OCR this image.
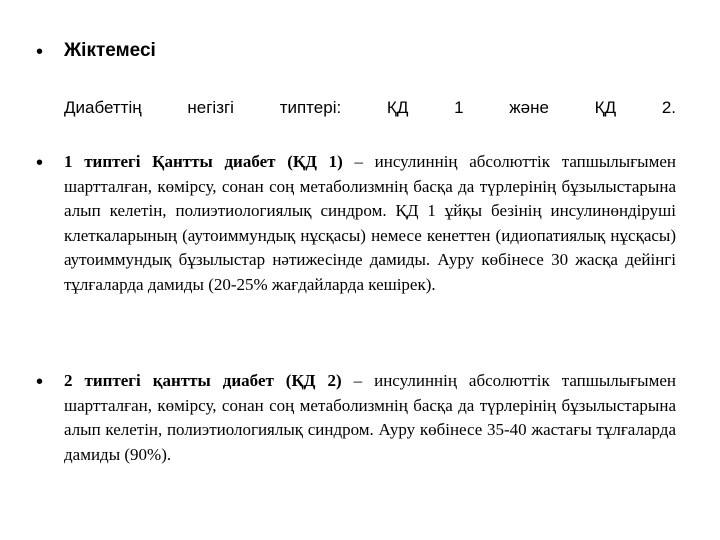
• Жіктемесі

Диабеттің негізгі типтері: ҚД 1 және ҚД 2.

• 1 типтегі Қантты диабет (ҚД 1) – инсулиннің абсолюттік тапшылығымен шартталған, көмірсу, сонан соң метаболизмнің басқа да түрлерінің бұзылыстарына алып келетін, полиэтиологиялық синдром. ҚД 1 ұйқы безінің инсулинөндіруші клеткаларының (аутоиммундық нұсқасы) немесе кенеттен (идиопатиялық нұсқасы) аутоиммундық бұзылыстар нәтижесінде дамиды. Ауру көбінесе 30 жасқа дейінгі тұлғаларда дамиды (20-25% жағдайларда кешірек).

• 2 типтегі қантты диабет (ҚД 2) – инсулиннің абсолюттік тапшылығымен шартталған, көмірсу, сонан соң метаболизмнің басқа да түрлерінің бұзылыстарына алып келетін, полиэтиологиялық синдром. Ауру көбінесе 35-40 жастағы тұлғаларда дамиды (90%).
